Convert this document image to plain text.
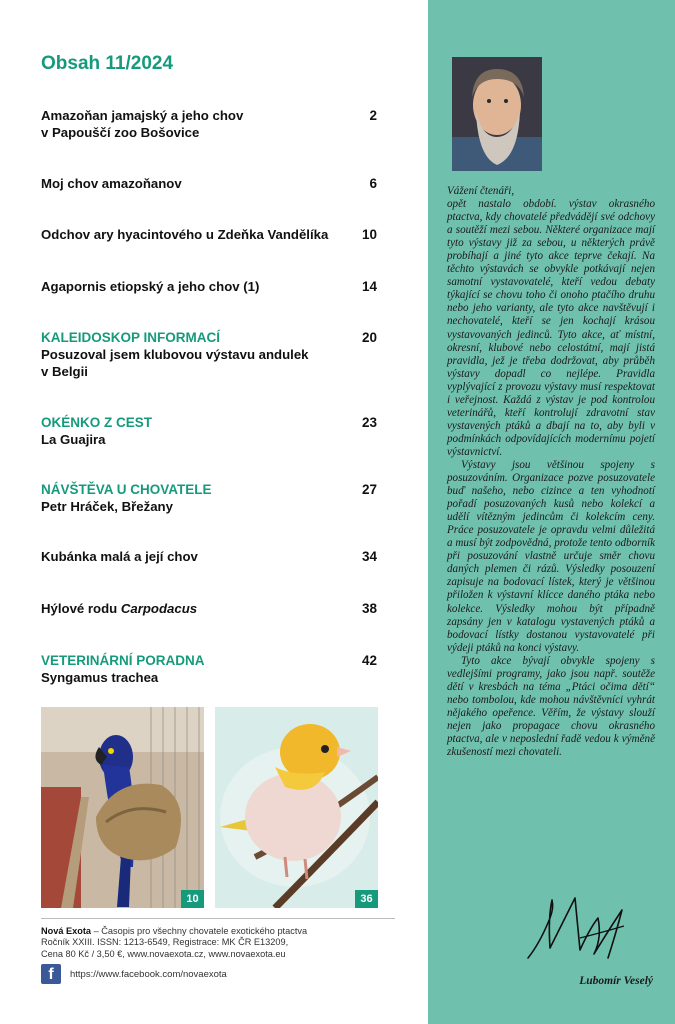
Obsah 11/2024
Amazoňan jamajský a jeho chov
v Papouščí zoo Bošovice
2
Moj chov amazoňanov	6
Odchov ary hyacintového u Zdeňka Vandělíka	10
Agapornis etiopský a jeho chov (1)	14
KALEIDOSKOP INFORMACÍ
Posuzoval jsem klubovou výstavu andulek
v Belgii
20
OKÉNKO Z CEST
La Guajira
23
NÁVŠTĚVA U CHOVATELE
Petr Hráček, Břežany
27
Kubánka malá a její chov	34
Hýlové rodu Carpodacus	38
VETERINÁRNÍ PORADNA
Syngamus trachea
42
10	36
Nová Exota – Časopis pro všechny chovatele exotického ptactva
Ročník XXIII. ISSN: 1213-6549, Registrace: MK ČR E13209,
Cena 80 Kč / 3,50 €, www.novaexota.cz, www.novaexota.eu
f	https://www.facebook.com/novaexota

Vážení čtenáři,

opět nastalo období. výstav okrasného ptactva, kdy chovatelé předvádějí své odchovy a soutěží mezi sebou. Některé organizace mají tyto výstavy již za sebou, u některých právě probíhají a jiné tyto akce teprve čekají. Na těchto výstavách se obvykle potkávají nejen samotní vystavovatelé, kteří vedou debaty týkající se chovu toho či onoho ptačího druhu nebo jeho varianty, ale tyto akce navštěvují i nechovatelé, kteří se jen kochají krásou vystavovaných jedinců. Tyto akce, ať místní, okresní, klubové nebo celostátní, mají jistá pravidla, jež je třeba dodržovat, aby průběh výstavy dopadl co nejlépe. Pravidla vyplývající z provozu výstavy musí respektovat i veřejnost. Každá z výstav je pod kontrolou veterinářů, kteří kontrolují zdravotní stav vystavených ptáků a dbají na to, aby byli v podmínkách odpovídajících modernímu pojetí výstavnictví.

Výstavy jsou většinou spojeny s posuzováním. Organizace pozve posuzovatele buď našeho, nebo cizince a ten vyhodnotí pořadí posuzovaných kusů nebo kolekcí a udělí vítězným jedincům či kolekcím ceny. Práce posuzovatele je opravdu velmi důležitá a musí být zodpovědná, protože tento odborník při posuzování vlastně určuje směr chovu daných plemen či rázů. Výsledky posouzení zapisuje na bodovací lístek, který je většinou přiložen k výstavní klícce daného ptáka nebo kolekce. Výsledky mohou být případně zapsány jen v katalogu vystavených ptáků a bodovací lístky dostanou vystavovatelé při výdeji ptáků na konci výstavy.

Tyto akce bývají obvykle spojeny s vedlejšími programy, jako jsou např. soutěže dětí v kresbách na téma „Ptáci očima dětí“ nebo tombolou, kde mohou návštěvníci vyhrát nějakého opeřence. Věřím, že výstavy slouží nejen jako propagace chovu okrasného ptactva, ale v neposlední řadě vedou k výměně zkušeností mezi chovateli.

Lubomír Veselý
